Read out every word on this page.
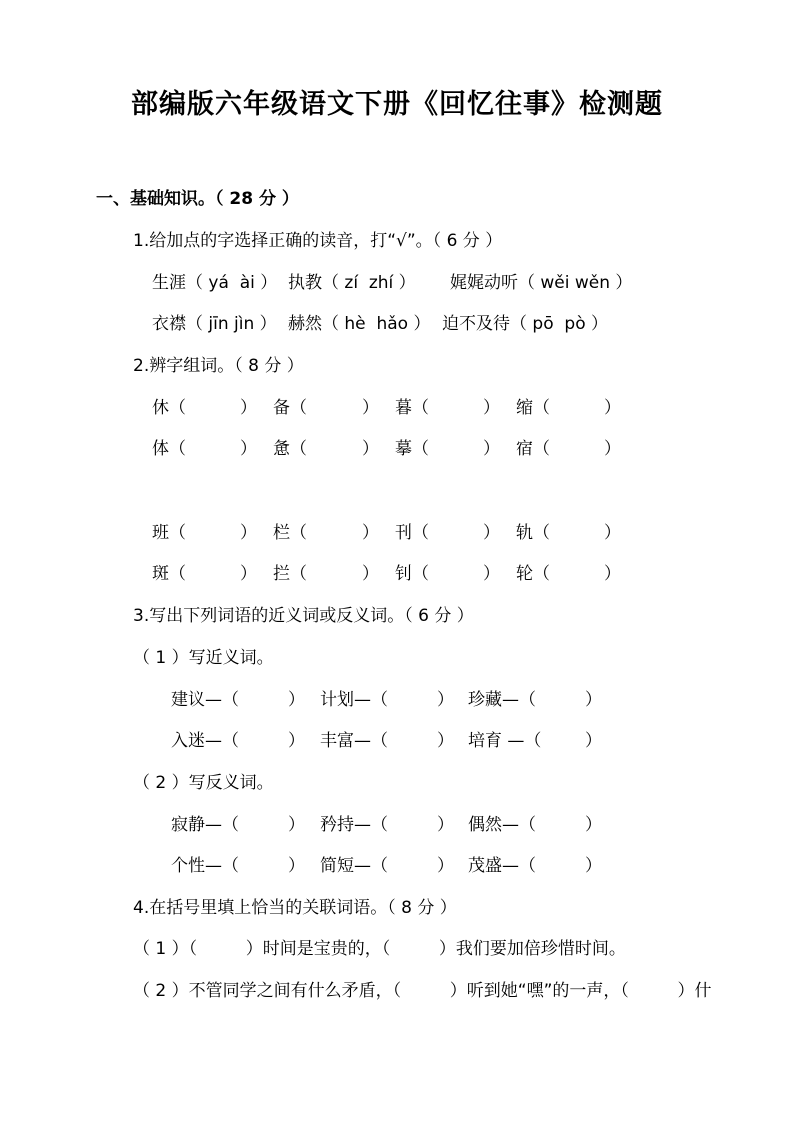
部编版六年级语文下册《回忆往事》检测题
一、基础知识。（ 28 分 ）
1.给加点的字选择正确的读音，打“√”。（ 6 分 ）
生涯（ yá  ài ） 执教（ zí  zhí ） 娓娓动听（ wěi wěn ）
衣襟（ jīn jìn ） 赫然（ hè  hǎo ） 迫不及待（ pō  pò ）
2.辨字组词。（ 8 分 ）
休（	） 备（	） 暮（	） 缩（	）
体（	） 惫（	） 摹（	） 宿（	）
班（	） 栏（	） 刊（	） 轨（	）
斑（	） 拦（	） 钊（	） 轮（	）
3.写出下列词语的近义词或反义词。（ 6 分 ）
（ 1 ）写近义词。
建议—（	） 计划—（	） 珍藏—（	）
入迷—（	） 丰富—（	） 培育 —（	）
（ 2 ）写反义词。
寂静—（	） 矜持—（	） 偶然—（	）
个性—（	） 简短—（	） 茂盛—（	）
4.在括号里填上恰当的关联词语。（ 8 分 ）
（ 1 ）（         ）时间是宝贵的，（         ）我们要加倍珍惜时间。
（ 2 ）不管同学之间有什么矛盾，（         ）听到她“嘿”的一声，（         ）什
